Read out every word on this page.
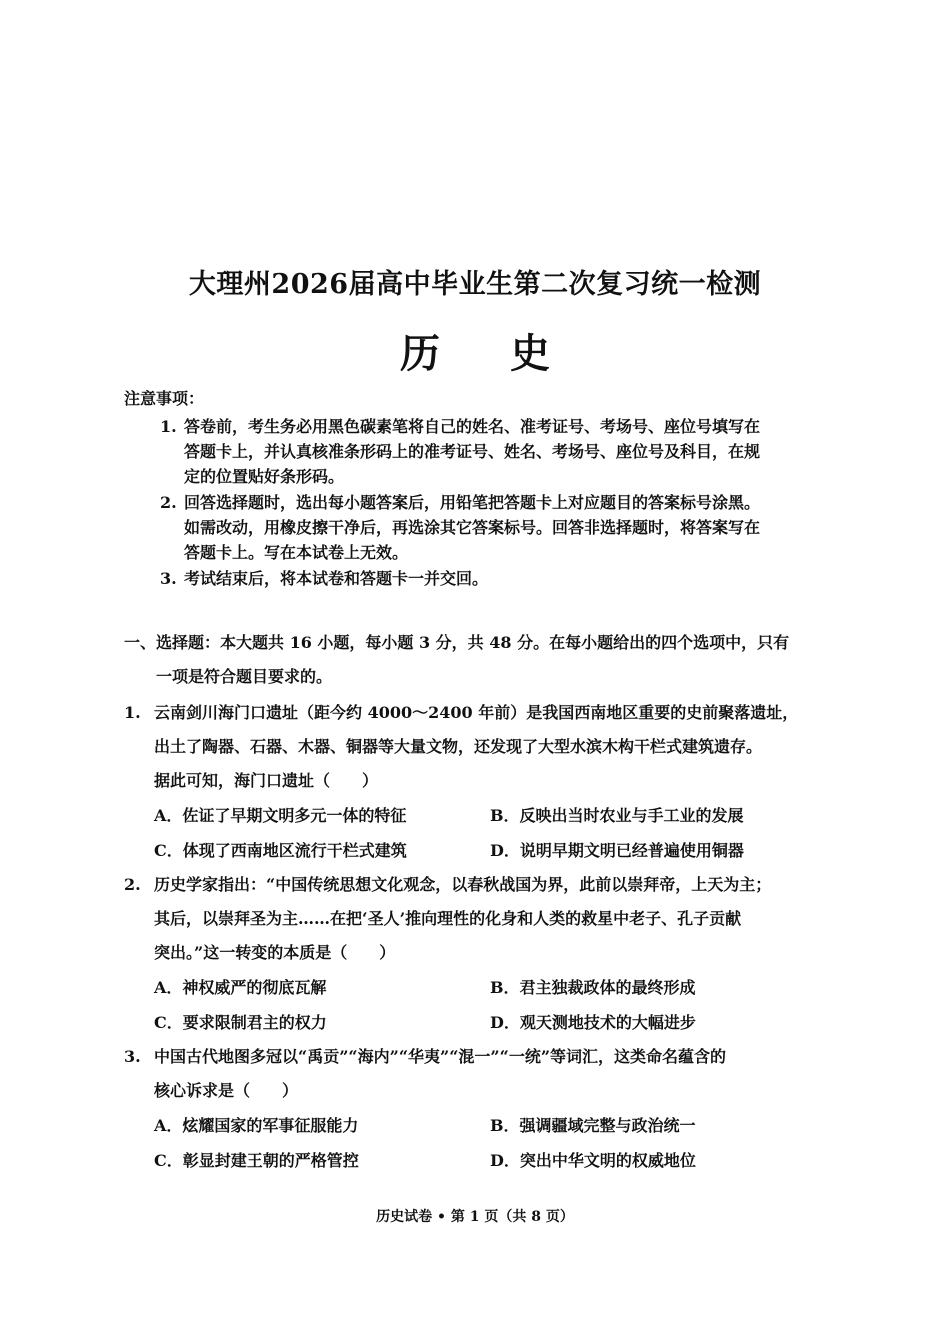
大理州2026届高中毕业生第二次复习统一检测
历 史
注意事项：
1. 答卷前，考生务必用黑色碳素笔将自己的姓名、准考证号、考场号、座位号填写在
答题卡上，并认真核准条形码上的准考证号、姓名、考场号、座位号及科目，在规
定的位置贴好条形码。
2. 回答选择题时，选出每小题答案后，用铅笔把答题卡上对应题目的答案标号涂黑。
如需改动，用橡皮擦干净后，再选涂其它答案标号。回答非选择题时，将答案写在
答题卡上。写在本试卷上无效。
3. 考试结束后，将本试卷和答题卡一并交回。
一、选择题：本大题共 16 小题，每小题 3 分，共 48 分。在每小题给出的四个选项中，只有
一项是符合题目要求的。
1. 云南剑川海门口遗址（距今约 4000～2400 年前）是我国西南地区重要的史前聚落遗址，
出土了陶器、石器、木器、铜器等大量文物，还发现了大型水滨木构干栏式建筑遗存。
据此可知，海门口遗址（　　）
A．佐证了早期文明多元一体的特征	B．反映出当时农业与手工业的发展
C．体现了西南地区流行干栏式建筑	D．说明早期文明已经普遍使用铜器
2. 历史学家指出：“中国传统思想文化观念，以春秋战国为界，此前以崇拜帝，上天为主；
其后，以崇拜圣为主……在把‘圣人’推向理性的化身和人类的救星中老子、孔子贡献
突出。”这一转变的本质是（　　）
A．神权威严的彻底瓦解	B．君主独裁政体的最终形成
C．要求限制君主的权力	D．观天测地技术的大幅进步
3. 中国古代地图多冠以“禹贡”“海内”“华夷”“混一”“一统”等词汇，这类命名蕴含的
核心诉求是（　　）
A．炫耀国家的军事征服能力	B．强调疆域完整与政治统一
C．彰显封建王朝的严格管控	D．突出中华文明的权威地位
历史试卷 • 第 1 页（共 8 页）
